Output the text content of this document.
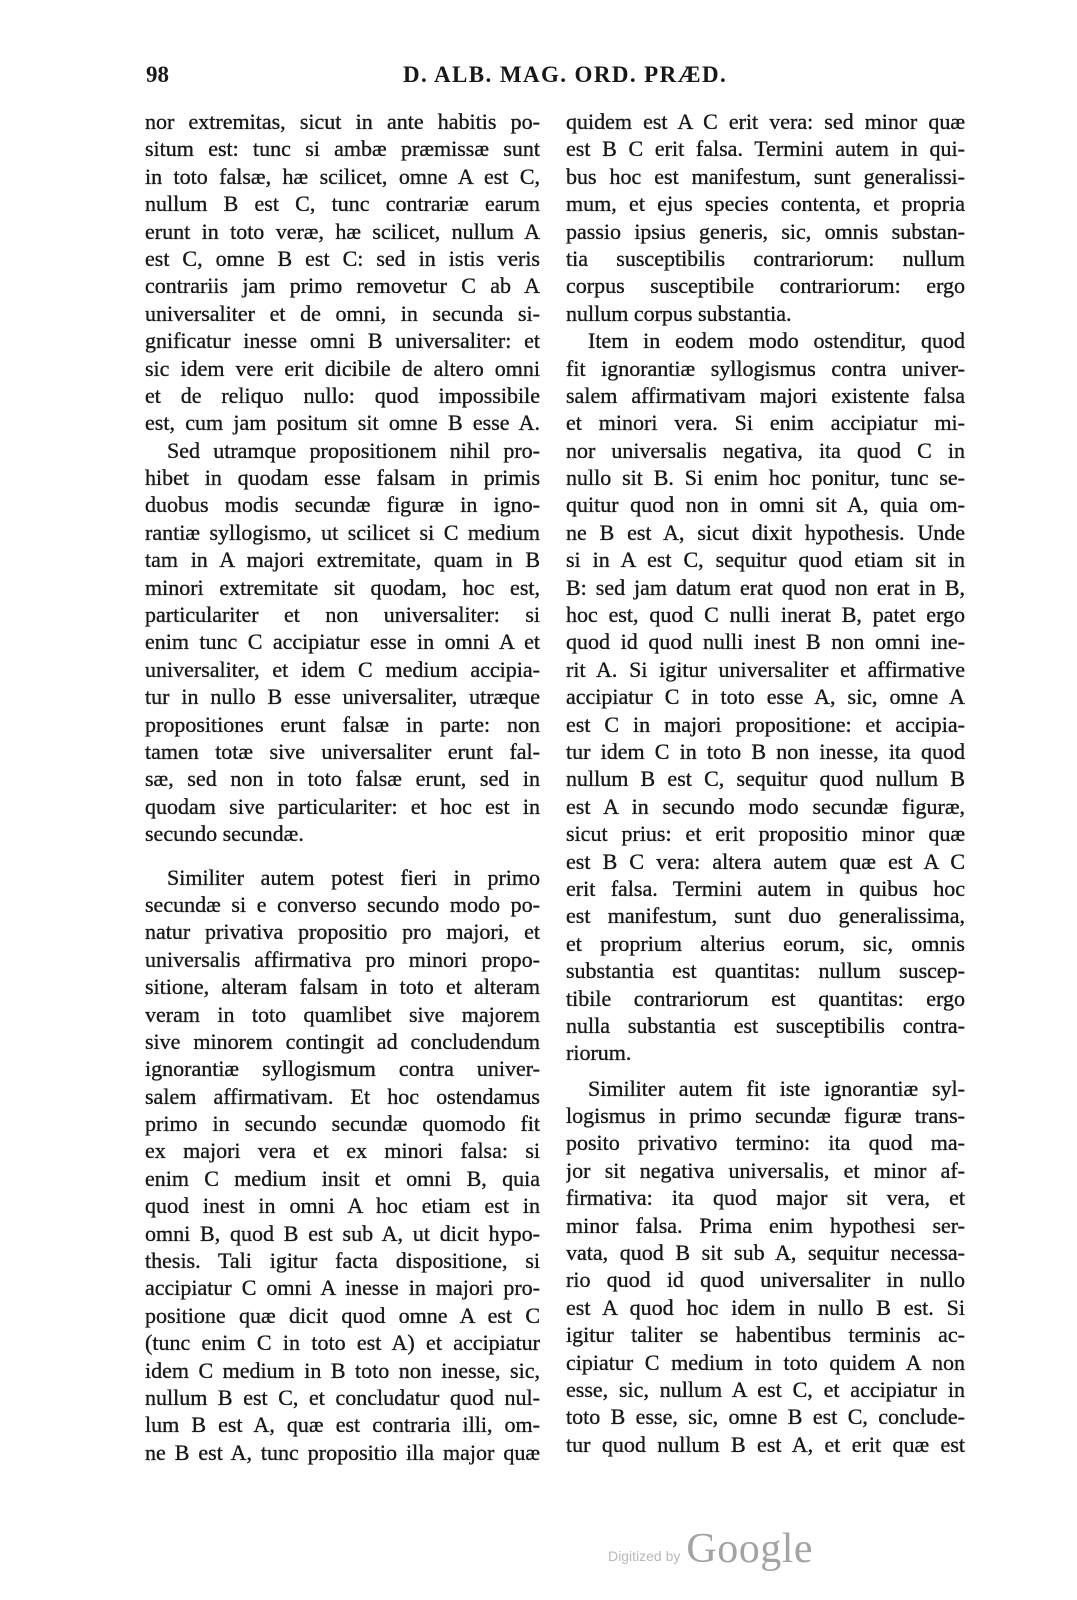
98	D. ALB. MAG. ORD. PRÆD.
nor extremitas, sicut in ante habitis po-
situm est: tunc si ambæ præmissæ sunt
in toto falsæ, hæ scilicet, omne A est C,
nullum B est C, tunc contrariæ earum
erunt in toto veræ, hæ scilicet, nullum A
est C, omne B est C: sed in istis veris
contrariis jam primo removetur C ab A
universaliter et de omni, in secunda si-
gnificatur inesse omni B universaliter: et
sic idem vere erit dicibile de altero omni
et de reliquo nullo: quod impossibile
est, cum jam positum sit omne B esse A.
Sed utramque propositionem nihil pro-
hibet in quodam esse falsam in primis
duobus modis secundæ figuræ in igno-
rantiæ syllogismo, ut scilicet si C medium
tam in A majori extremitate, quam in B
minori extremitate sit quodam, hoc est,
particulariter et non universaliter: si
enim tunc C accipiatur esse in omni A et
universaliter, et idem C medium accipia-
tur in nullo B esse universaliter, utræque
propositiones erunt falsæ in parte: non
tamen totæ sive universaliter erunt fal-
sæ, sed non in toto falsæ erunt, sed in
quodam sive particulariter: et hoc est in
secundo secundæ.
Similiter autem potest fieri in primo
secundæ si e converso secundo modo po-
natur privativa propositio pro majori, et
universalis affirmativa pro minori propo-
sitione, alteram falsam in toto et alteram
veram in toto quamlibet sive majorem
sive minorem contingit ad concludendum
ignorantiæ syllogismum contra univer-
salem affirmativam. Et hoc ostendamus
primo in secundo secundæ quomodo fit
ex majori vera et ex minori falsa: si
enim C medium insit et omni B, quia
quod inest in omni A hoc etiam est in
omni B, quod B est sub A, ut dicit hypo-
thesis. Tali igitur facta dispositione, si
accipiatur C omni A inesse in majori pro-
positione quæ dicit quod omne A est C
(tunc enim C in toto est A) et accipiatur
idem C medium in B toto non inesse, sic,
nullum B est C, et concludatur quod nul-
lum B est A, quæ est contraria illi, om-
ne B est A, tunc propositio illa major quæ
quidem est A C erit vera: sed minor quæ
est B C erit falsa. Termini autem in qui-
bus hoc est manifestum, sunt generalissi-
mum, et ejus species contenta, et propria
passio ipsius generis, sic, omnis substan-
tia susceptibilis contrariorum: nullum
corpus susceptibile contrariorum: ergo
nullum corpus substantia.
Item in eodem modo ostenditur, quod
fit ignorantiæ syllogismus contra univer-
salem affirmativam majori existente falsa
et minori vera. Si enim accipiatur mi-
nor universalis negativa, ita quod C in
nullo sit B. Si enim hoc ponitur, tunc se-
quitur quod non in omni sit A, quia om-
ne B est A, sicut dixit hypothesis. Unde
si in A est C, sequitur quod etiam sit in
B: sed jam datum erat quod non erat in B,
hoc est, quod C nulli inerat B, patet ergo
quod id quod nulli inest B non omni ine-
rit A. Si igitur universaliter et affirmative
accipiatur C in toto esse A, sic, omne A
est C in majori propositione: et accipia-
tur idem C in toto B non inesse, ita quod
nullum B est C, sequitur quod nullum B
est A in secundo modo secundæ figuræ,
sicut prius: et erit propositio minor quæ
est B C vera: altera autem quæ est A C
erit falsa. Termini autem in quibus hoc
est manifestum, sunt duo generalissima,
et proprium alterius eorum, sic, omnis
substantia est quantitas: nullum suscep-
tibile contrariorum est quantitas: ergo
nulla substantia est susceptibilis contra-
riorum.
Similiter autem fit iste ignorantiæ syl-
logismus in primo secundæ figuræ trans-
posito privativo termino: ita quod ma-
jor sit negativa universalis, et minor af-
firmativa: ita quod major sit vera, et
minor falsa. Prima enim hypothesi ser-
vata, quod B sit sub A, sequitur necessa-
rio quod id quod universaliter in nullo
est A quod hoc idem in nullo B est. Si
igitur taliter se habentibus terminis ac-
cipiatur C medium in toto quidem A non
esse, sic, nullum A est C, et accipiatur in
toto B esse, sic, omne B est C, conclude-
tur quod nullum B est A, et erit quæ est
Digitized by Google
